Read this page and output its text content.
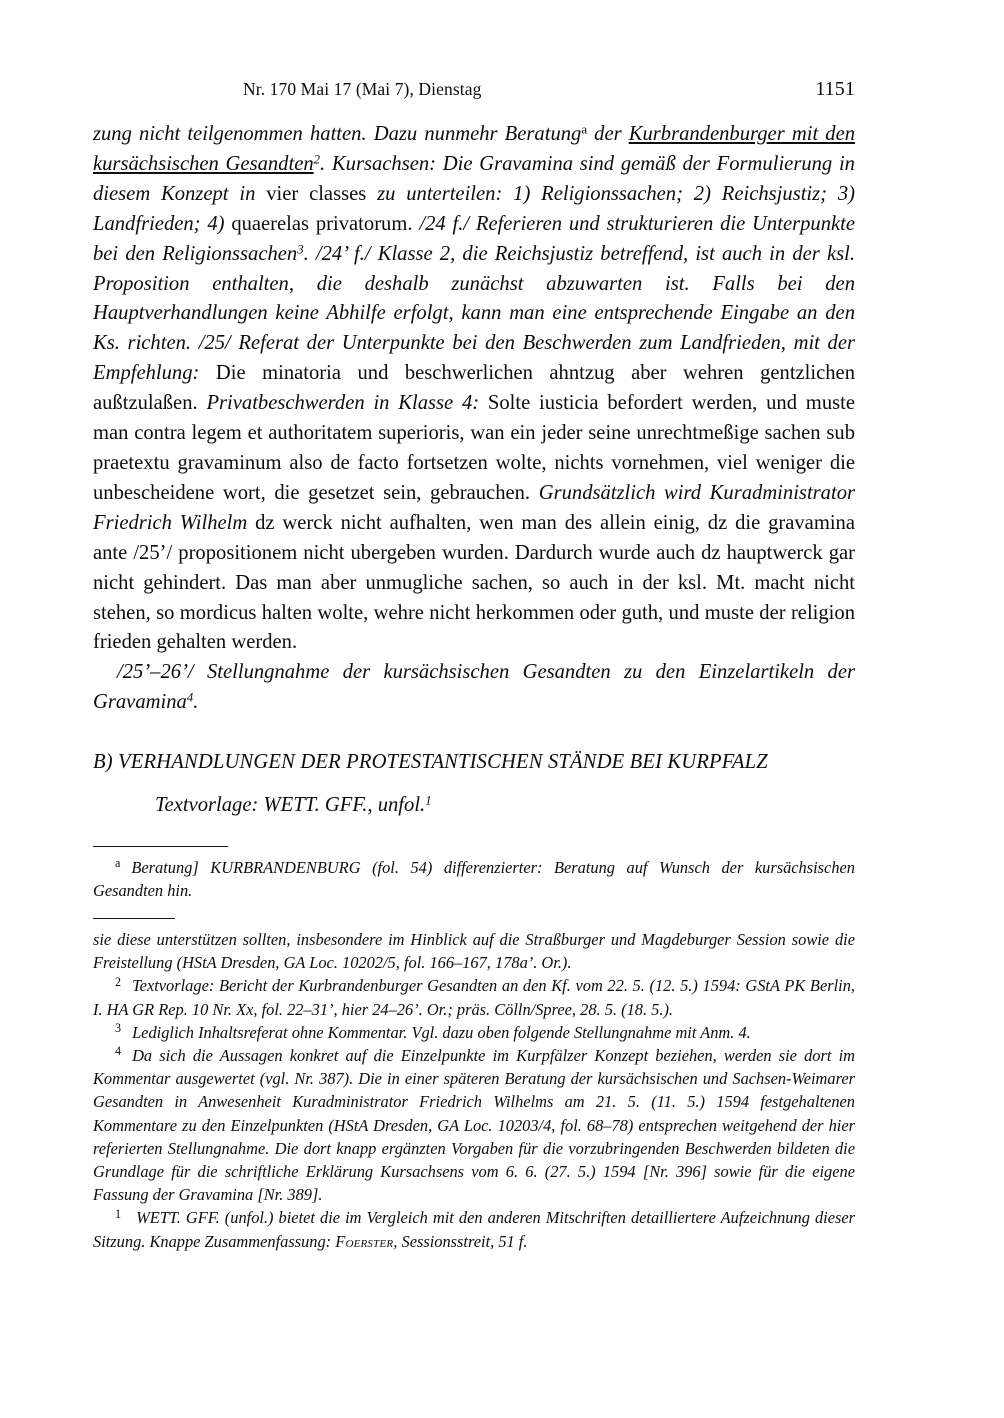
Nr. 170 Mai 17 (Mai 7), Dienstag	1151

zung nicht teilgenommen hatten. Dazu nunmehr Beratung$^a$ der Kurbrandenburger mit den kursächsischen Gesandten$^2$. Kursachsen: Die Gravamina sind gemäß der Formulierung in diesem Konzept in vier classes zu unterteilen: 1) Religionssachen; 2) Reichsjustiz; 3) Landfrieden; 4) quaerelas privatorum. /24 f./ Referieren und strukturieren die Unterpunkte bei den Religionssachen$^3$. /24’ f./ Klasse 2, die Reichsjustiz betreffend, ist auch in der ksl. Proposition enthalten, die deshalb zunächst abzuwarten ist. Falls bei den Hauptverhandlungen keine Abhilfe erfolgt, kann man eine entsprechende Eingabe an den Ks. richten. /25/ Referat der Unterpunkte bei den Beschwerden zum Landfrieden, mit der Empfehlung: Die minatoria und beschwerlichen ahntzug aber wehren gentzlichen außtzulaßen. Privatbeschwerden in Klasse 4: Solte iusticia befordert werden, und muste man contra legem et authoritatem superioris, wan ein jeder seine unrechtmeßige sachen sub praetextu gravaminum also de facto fortsetzen wolte, nichts vornehmen, viel weniger die unbescheidene wort, die gesetzet sein, gebrauchen. Grundsätzlich wird Kuradministrator Friedrich Wilhelm dz werck nicht aufhalten, wen man des allein einig, dz die gravamina ante /25’/ propositionem nicht ubergeben wurden. Dardurch wurde auch dz hauptwerck gar nicht gehindert. Das man aber unmugliche sachen, so auch in der ksl. Mt. macht nicht stehen, so mordicus halten wolte, wehre nicht herkommen oder guth, und muste der religion frieden gehalten werden.

/25’–26’/ Stellungnahme der kursächsischen Gesandten zu den Einzelartikeln der Gravamina$^4$.

B) VERHANDLUNGEN DER PROTESTANTISCHEN STÄNDE BEI KURPFALZ

Textvorlage: WETT. GFF., unfol.$^1$

$^a$ Beratung] KURBRANDENBURG (fol. 54) differenzierter: Beratung auf Wunsch der kursächsischen Gesandten hin.

sie diese unterstützen sollten, insbesondere im Hinblick auf die Straßburger und Magdeburger Session sowie die Freistellung (HStA Dresden, GA Loc. 10202/5, fol. 166–167, 178a’. Or.).

$^2$ Textvorlage: Bericht der Kurbrandenburger Gesandten an den Kf. vom 22. 5. (12. 5.) 1594: GStA PK Berlin, I. HA GR Rep. 10 Nr. Xx, fol. 22–31’, hier 24–26’. Or.; präs. Cölln/Spree, 28. 5. (18. 5.).

$^3$ Lediglich Inhaltsreferat ohne Kommentar. Vgl. dazu oben folgende Stellungnahme mit Anm. 4.

$^4$ Da sich die Aussagen konkret auf die Einzelpunkte im Kurpfälzer Konzept beziehen, werden sie dort im Kommentar ausgewertet (vgl. Nr. 387). Die in einer späteren Beratung der kursächsischen und Sachsen-Weimarer Gesandten in Anwesenheit Kuradministrator Friedrich Wilhelms am 21. 5. (11. 5.) 1594 festgehaltenen Kommentare zu den Einzelpunkten (HStA Dresden, GA Loc. 10203/4, fol. 68–78) entsprechen weitgehend der hier referierten Stellungnahme. Die dort knapp ergänzten Vorgaben für die vorzubringenden Beschwerden bildeten die Grundlage für die schriftliche Erklärung Kursachsens vom 6. 6. (27. 5.) 1594 [Nr. 396] sowie für die eigene Fassung der Gravamina [Nr. 389].

$^1$ WETT. GFF. (unfol.) bietet die im Vergleich mit den anderen Mitschriften detailliertere Aufzeichnung dieser Sitzung. Knappe Zusammenfassung: Foerster, Sessionsstreit, 51 f.
